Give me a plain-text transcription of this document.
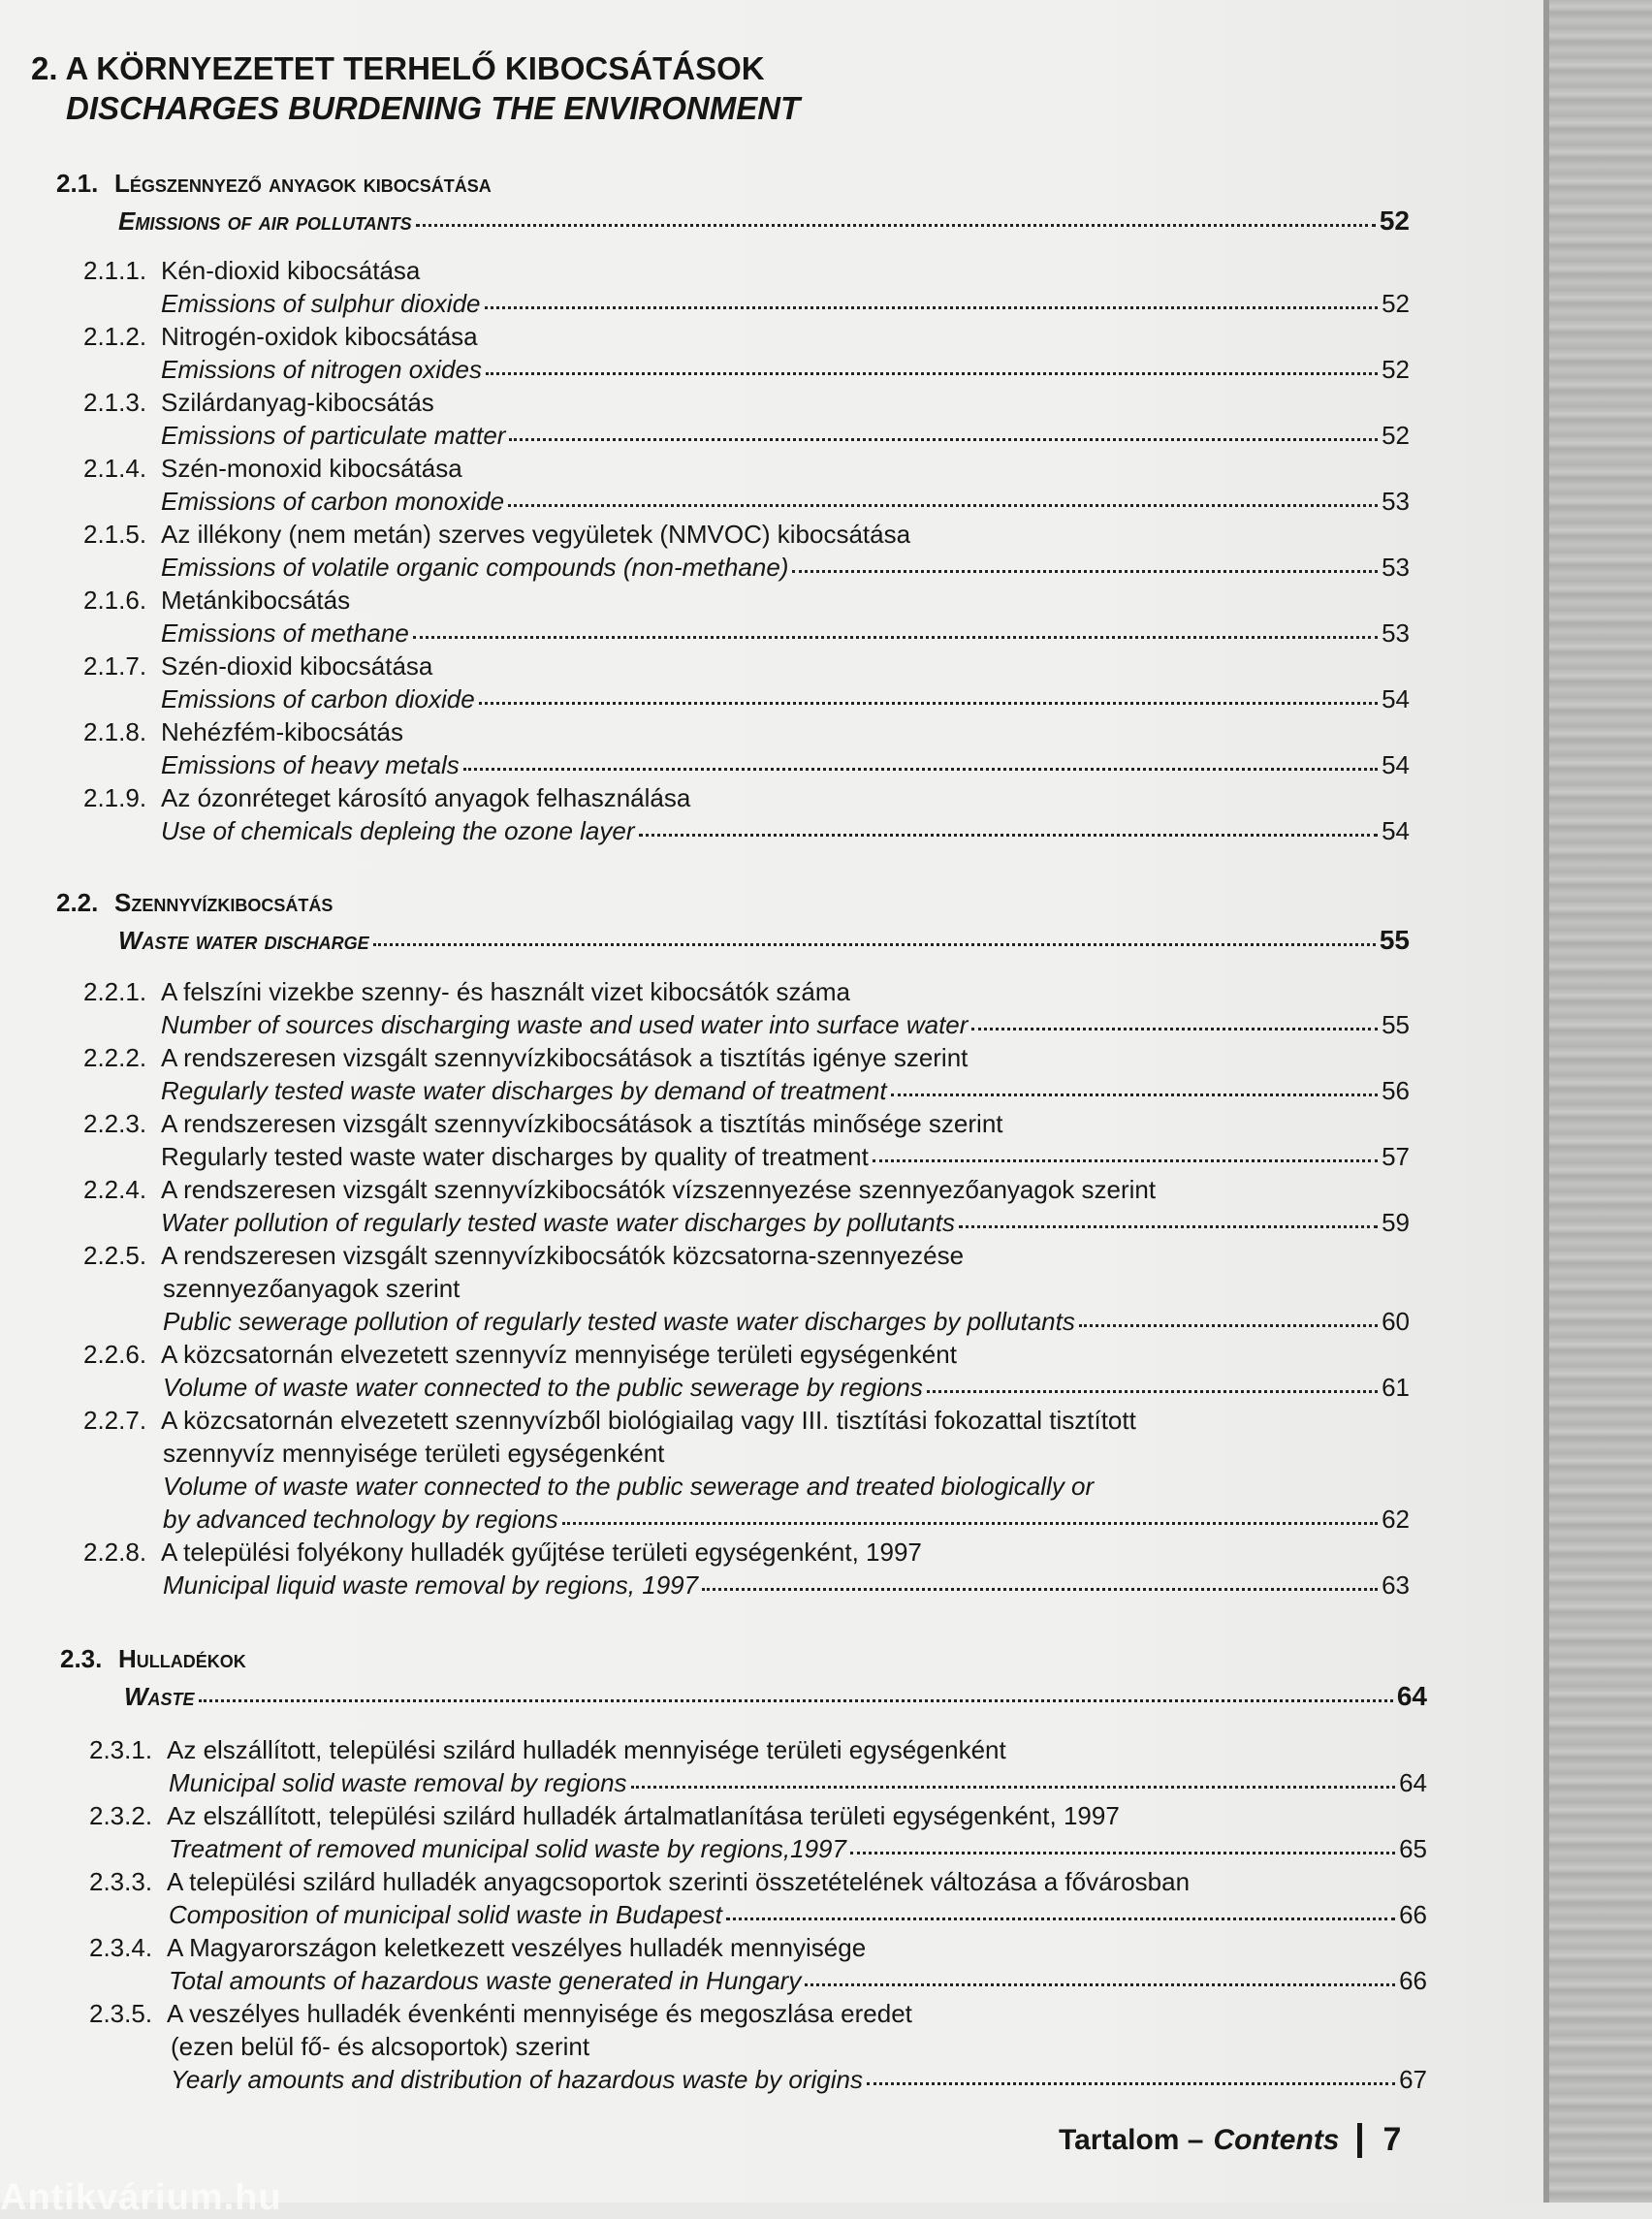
2. A KÖRNYEZETET TERHELŐ KIBOCSÁTÁSOK
DISCHARGES BURDENING THE ENVIRONMENT
2.1. Légszennyező anyagok kibocsátása
Emissions of air pollutants	52
2.1.1. Kén-dioxid kibocsátása
Emissions of sulphur dioxide	52
2.1.2. Nitrogén-oxidok kibocsátása
Emissions of nitrogen oxides	52
2.1.3. Szilárdanyag-kibocsátás
Emissions of particulate matter	52
2.1.4. Szén-monoxid kibocsátása
Emissions of carbon monoxide	53
2.1.5. Az illékony (nem metán) szerves vegyületek (NMVOC) kibocsátása
Emissions of volatile organic compounds (non-methane)	53
2.1.6. Metánkibocsátás
Emissions of methane	53
2.1.7. Szén-dioxid kibocsátása
Emissions of carbon dioxide	54
2.1.8. Nehézfém-kibocsátás
Emissions of heavy metals	54
2.1.9. Az ózonréteget károsító anyagok felhasználása
Use of chemicals depleing the ozone layer	54
2.2. Szennyvízkibocsátás
Waste water discharge	55
2.2.1. A felszíni vizekbe szenny- és használt vizet kibocsátók száma
Number of sources discharging waste and used water into surface water	55
2.2.2. A rendszeresen vizsgált szennyvízkibocsátások a tisztítás igénye szerint
Regularly tested waste water discharges by demand of treatment	56
2.2.3. A rendszeresen vizsgált szennyvízkibocsátások a tisztítás minősége szerint
Regularly tested waste water discharges by quality of treatment	57
2.2.4. A rendszeresen vizsgált szennyvízkibocsátók vízszennyezése szennyezőanyagok szerint
Water pollution of regularly tested waste water discharges by pollutants	59
2.2.5. A rendszeresen vizsgált szennyvízkibocsátók közcsatorna-szennyezése
szennyezőanyagok szerint
Public sewerage pollution of regularly tested waste water discharges by pollutants	60
2.2.6. A közcsatornán elvezetett szennyvíz mennyisége területi egységenként
Volume of waste water connected to the public sewerage by regions	61
2.2.7. A közcsatornán elvezetett szennyvízből biológiailag vagy III. tisztítási fokozattal tisztított
szennyvíz mennyisége területi egységenként
Volume of waste water connected to the public sewerage and treated biologically or
by advanced technology by regions	62
2.2.8. A települési folyékony hulladék gyűjtése területi egységenként, 1997
Municipal liquid waste removal by regions, 1997	63
2.3. Hulladékok
Waste	64
2.3.1. Az elszállított, települési szilárd hulladék mennyisége területi egységenként
Municipal solid waste removal by regions	64
2.3.2. Az elszállított, települési szilárd hulladék ártalmatlanítása területi egységenként, 1997
Treatment of removed municipal solid waste by regions,1997	65
2.3.3. A települési szilárd hulladék anyagcsoportok szerinti összetételének változása a fővárosban
Composition of municipal solid waste in Budapest	66
2.3.4. A Magyarországon keletkezett veszélyes hulladék mennyisége
Total amounts of hazardous waste generated in Hungary	66
2.3.5. A veszélyes hulladék évenkénti mennyisége és megoszlása eredet
(ezen belül fő- és alcsoportok) szerint
Yearly amounts and distribution of hazardous waste by origins	67
Tartalom – Contents 7
Antikvárium.hu
